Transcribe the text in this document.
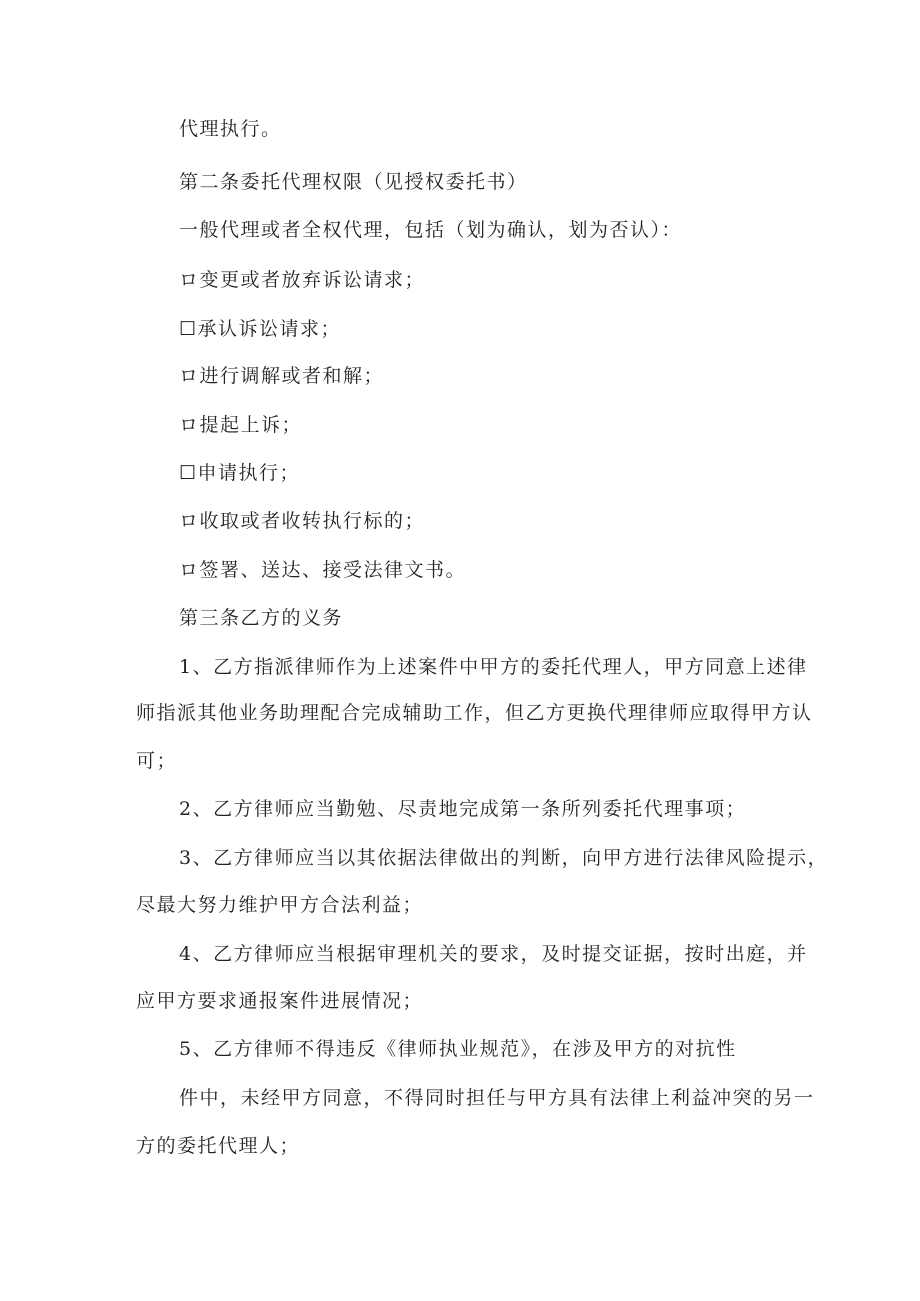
代理执行。

第二条委托代理权限（见授权委托书）

一般代理或者全权代理，包括（划为确认，划为否认）：

ロ变更或者放弃诉讼请求；

☐承认诉讼请求；

ロ进行调解或者和解；

ロ提起上诉；

☐申请执行；

ロ收取或者收转执行标的；

ロ签署、送达、接受法律文书。

第三条乙方的义务

1、乙方指派律师作为上述案件中甲方的委托代理人，甲方同意上述律

师指派其他业务助理配合完成辅助工作，但乙方更换代理律师应取得甲方认

可；

2、乙方律师应当勤勉、尽责地完成第一条所列委托代理事项；

3、乙方律师应当以其依据法律做出的判断，向甲方进行法律风险提示，

尽最大努力维护甲方合法利益；

4、乙方律师应当根据审理机关的要求，及时提交证据，按时出庭，并

应甲方要求通报案件进展情况；

5、乙方律师不得违反《律师执业规范》，在涉及甲方的对抗性

件中，未经甲方同意，不得同时担任与甲方具有法律上利益冲突的另一

方的委托代理人；
